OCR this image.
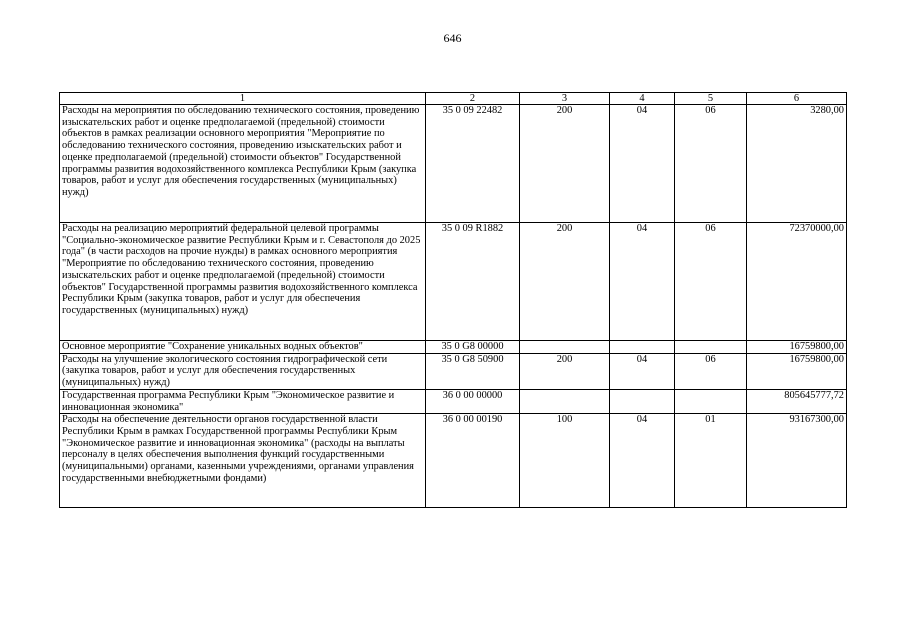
646
1	2	3	4	5	6
Расходы на мероприятия по обследованию технического состояния, проведению изыскательских работ и оценке предполагаемой (предельной) стоимости объектов в рамках реализации основного мероприятия "Мероприятие по обследованию технического состояния, проведению изыскательских работ и оценке предполагаемой (предельной) стоимости объектов" Государственной программы развития водохозяйственного комплекса Республики Крым (закупка товаров, работ и услуг для обеспечения государственных (муниципальных) нужд)	35 0 09 22482	200	04	06	3280,00
Расходы на реализацию мероприятий федеральной целевой программы "Социально-экономическое развитие Республики Крым и г. Севастополя до 2025 года" (в части расходов на прочие нужды) в рамках основного мероприятия "Мероприятие по обследованию технического состояния, проведению изыскательских работ и оценке предполагаемой (предельной) стоимости объектов" Государственной программы развития водохозяйственного комплекса Республики Крым (закупка товаров, работ и услуг для обеспечения государственных (муниципальных) нужд)	35 0 09 R1882	200	04	06	72370000,00
Основное мероприятие "Сохранение уникальных водных объектов"	35 0 G8 00000				16759800,00
Расходы на улучшение экологического состояния гидрографической сети (закупка товаров, работ и услуг для обеспечения государственных (муниципальных) нужд)	35 0 G8 50900	200	04	06	16759800,00
Государственная программа Республики Крым "Экономическое развитие и инновационная экономика"	36 0 00 00000				805645777,72
Расходы на обеспечение деятельности органов государственной власти Республики Крым в рамках Государственной программы Республики Крым "Экономическое развитие и инновационная экономика" (расходы на выплаты персоналу в целях обеспечения выполнения функций государственными (муниципальными) органами, казенными учреждениями, органами управления государственными внебюджетными фондами)	36 0 00 00190	100	04	01	93167300,00
